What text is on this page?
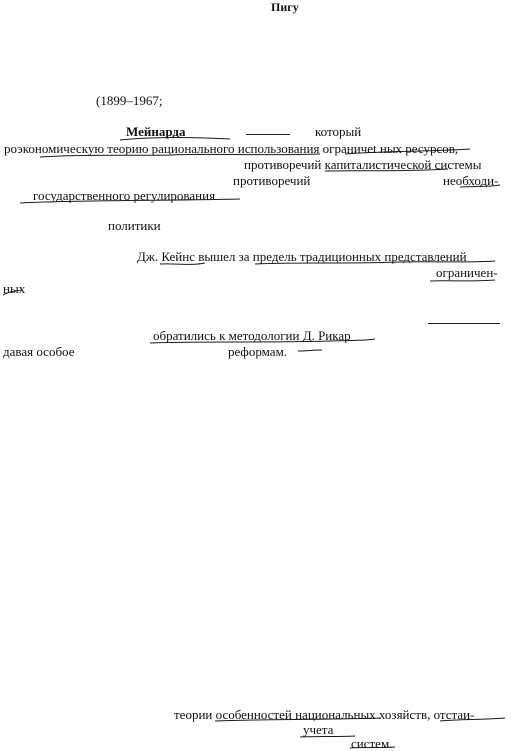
Пигу
(1899–1967;
Мейнарда	который
роэкономическую теорию рационального использования ограничеt ных ресурсов,
противоречий капиталистической системы
противоречий	необходи-
государственного регулирования
политики
Дж. Кейнс вышел за предель традиционных представлений
ограничен-
ных
обратились к методологии Д. Рикар
давая особое	реформам.
теории особенностей национальных хозяйств, отстаи-
учета
систем.
